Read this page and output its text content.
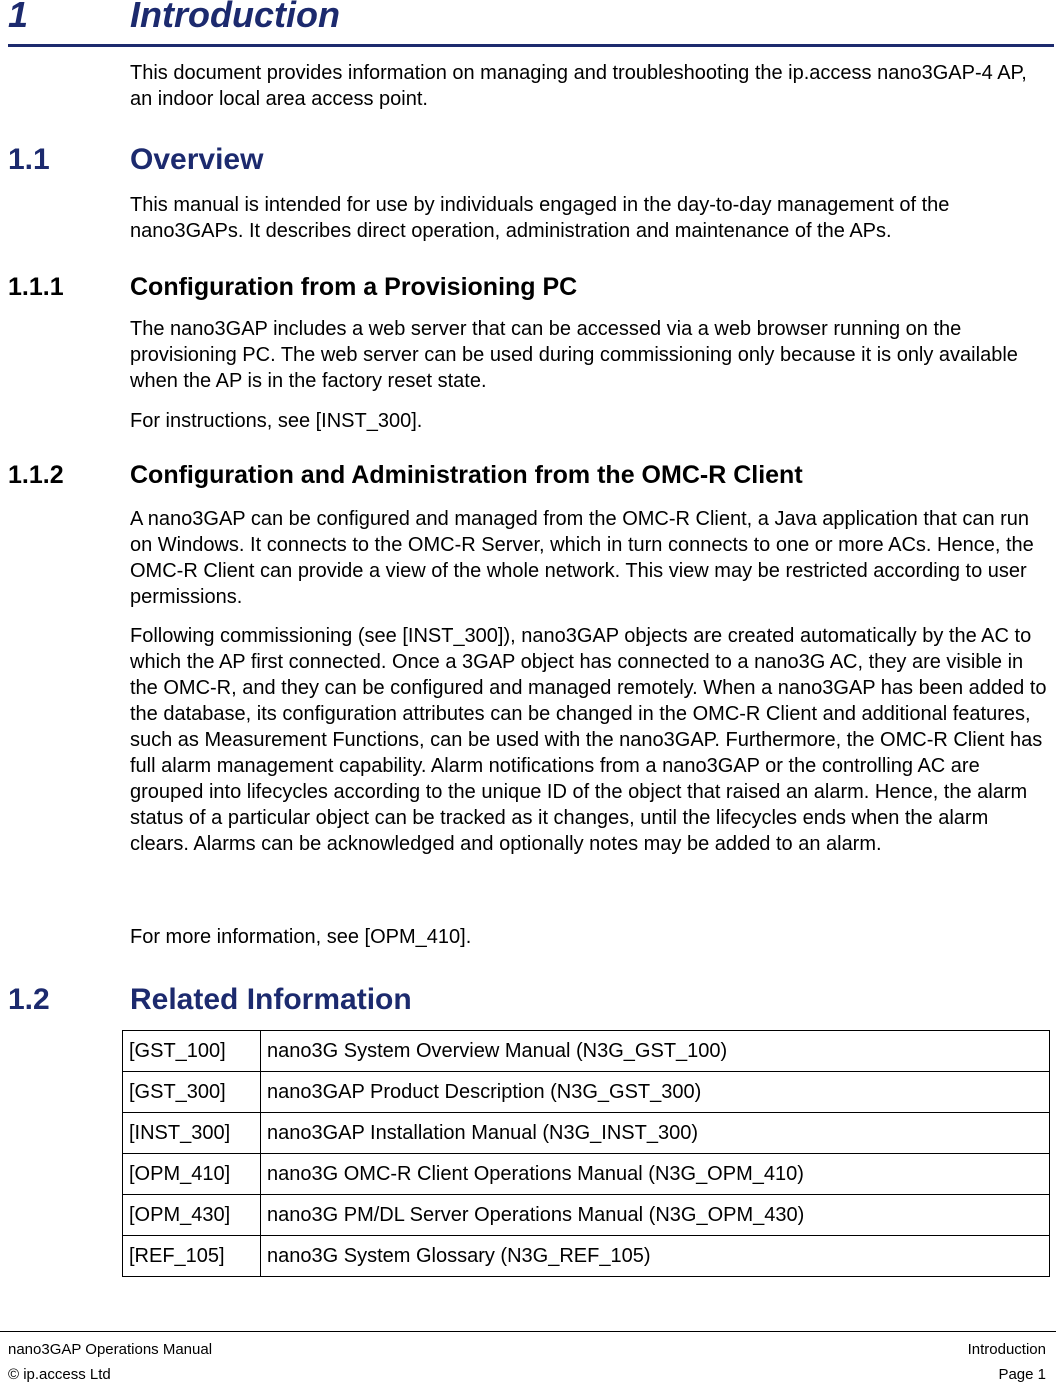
1	Introduction

This document provides information on managing and troubleshooting the ip.access nano3GAP-4 AP, an indoor local area access point.

1.1	Overview

This manual is intended for use by individuals engaged in the day-to-day management of the nano3GAPs. It describes direct operation, administration and maintenance of the APs.

1.1.1	Configuration from a Provisioning PC

The nano3GAP includes a web server that can be accessed via a web browser running on the provisioning PC. The web server can be used during commissioning only because it is only available when the AP is in the factory reset state.

For instructions, see [INST_300].

1.1.2	Configuration and Administration from the OMC-R Client

A nano3GAP can be configured and managed from the OMC-R Client, a Java application that can run on Windows. It connects to the OMC-R Server, which in turn connects to one or more ACs. Hence, the OMC-R Client can provide a view of the whole network. This view may be restricted according to user permissions.

Following commissioning (see [INST_300]), nano3GAP objects are created automatically by the AC to which the AP first connected. Once a 3GAP object has connected to a nano3G AC, they are visible in the OMC-R, and they can be configured and managed remotely. When a nano3GAP has been added to the database, its configuration attributes can be changed in the OMC-R Client and additional features, such as Measurement Functions, can be used with the nano3GAP. Furthermore, the OMC-R Client has full alarm management capability. Alarm notifications from a nano3GAP or the controlling AC are grouped into lifecycles according to the unique ID of the object that raised an alarm. Hence, the alarm status of a particular object can be tracked as it changes, until the lifecycles ends when the alarm clears. Alarms can be acknowledged and optionally notes may be added to an alarm.

For more information, see [OPM_410].

1.2	Related Information
[GST_100]	nano3G System Overview Manual (N3G_GST_100)
[GST_300]	nano3GAP Product Description (N3G_GST_300)
[INST_300]	nano3GAP Installation Manual (N3G_INST_300)
[OPM_410]	nano3G OMC-R Client Operations Manual (N3G_OPM_410)
[OPM_430]	nano3G PM/DL Server Operations Manual (N3G_OPM_430)
[REF_105]	nano3G System Glossary (N3G_REF_105)
nano3GAP Operations Manual	Introduction
© ip.access Ltd	Page 1
